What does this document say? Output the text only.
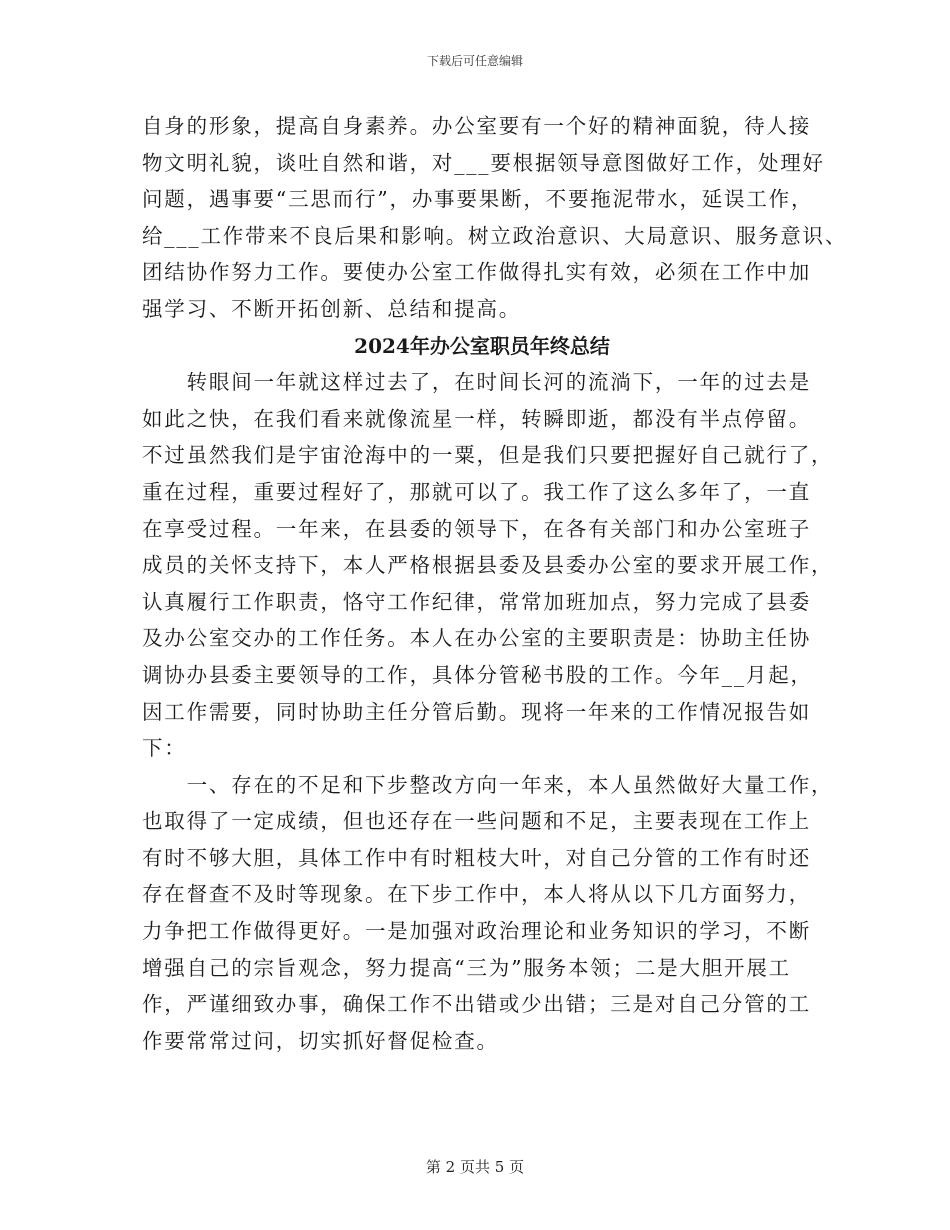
下载后可任意编辑
自身的形象，提高自身素养。办公室要有一个好的精神面貌，待人接
物文明礼貌，谈吐自然和谐，对___要根据领导意图做好工作，处理好
问题，遇事要“三思而行”，办事要果断，不要拖泥带水，延误工作，
给___工作带来不良后果和影响。树立政治意识、大局意识、服务意识、
团结协作努力工作。要使办公室工作做得扎实有效，必须在工作中加
强学习、不断开拓创新、总结和提高。
2024年办公室职员年终总结
　　转眼间一年就这样过去了，在时间长河的流淌下，一年的过去是
如此之快，在我们看来就像流星一样，转瞬即逝，都没有半点停留。
不过虽然我们是宇宙沧海中的一粟，但是我们只要把握好自己就行了，
重在过程，重要过程好了，那就可以了。我工作了这么多年了，一直
在享受过程。一年来，在县委的领导下，在各有关部门和办公室班子
成员的关怀支持下，本人严格根据县委及县委办公室的要求开展工作，
认真履行工作职责，恪守工作纪律，常常加班加点，努力完成了县委
及办公室交办的工作任务。本人在办公室的主要职责是：协助主任协
调协办县委主要领导的工作，具体分管秘书股的工作。今年__月起，
因工作需要，同时协助主任分管后勤。现将一年来的工作情况报告如
下：
　　一、存在的不足和下步整改方向一年来，本人虽然做好大量工作，
也取得了一定成绩，但也还存在一些问题和不足，主要表现在工作上
有时不够大胆，具体工作中有时粗枝大叶，对自己分管的工作有时还
存在督查不及时等现象。在下步工作中，本人将从以下几方面努力，
力争把工作做得更好。一是加强对政治理论和业务知识的学习，不断
增强自己的宗旨观念，努力提高“三为”服务本领；二是大胆开展工
作，严谨细致办事，确保工作不出错或少出错；三是对自己分管的工
作要常常过问，切实抓好督促检查。
第 2 页共 5 页
